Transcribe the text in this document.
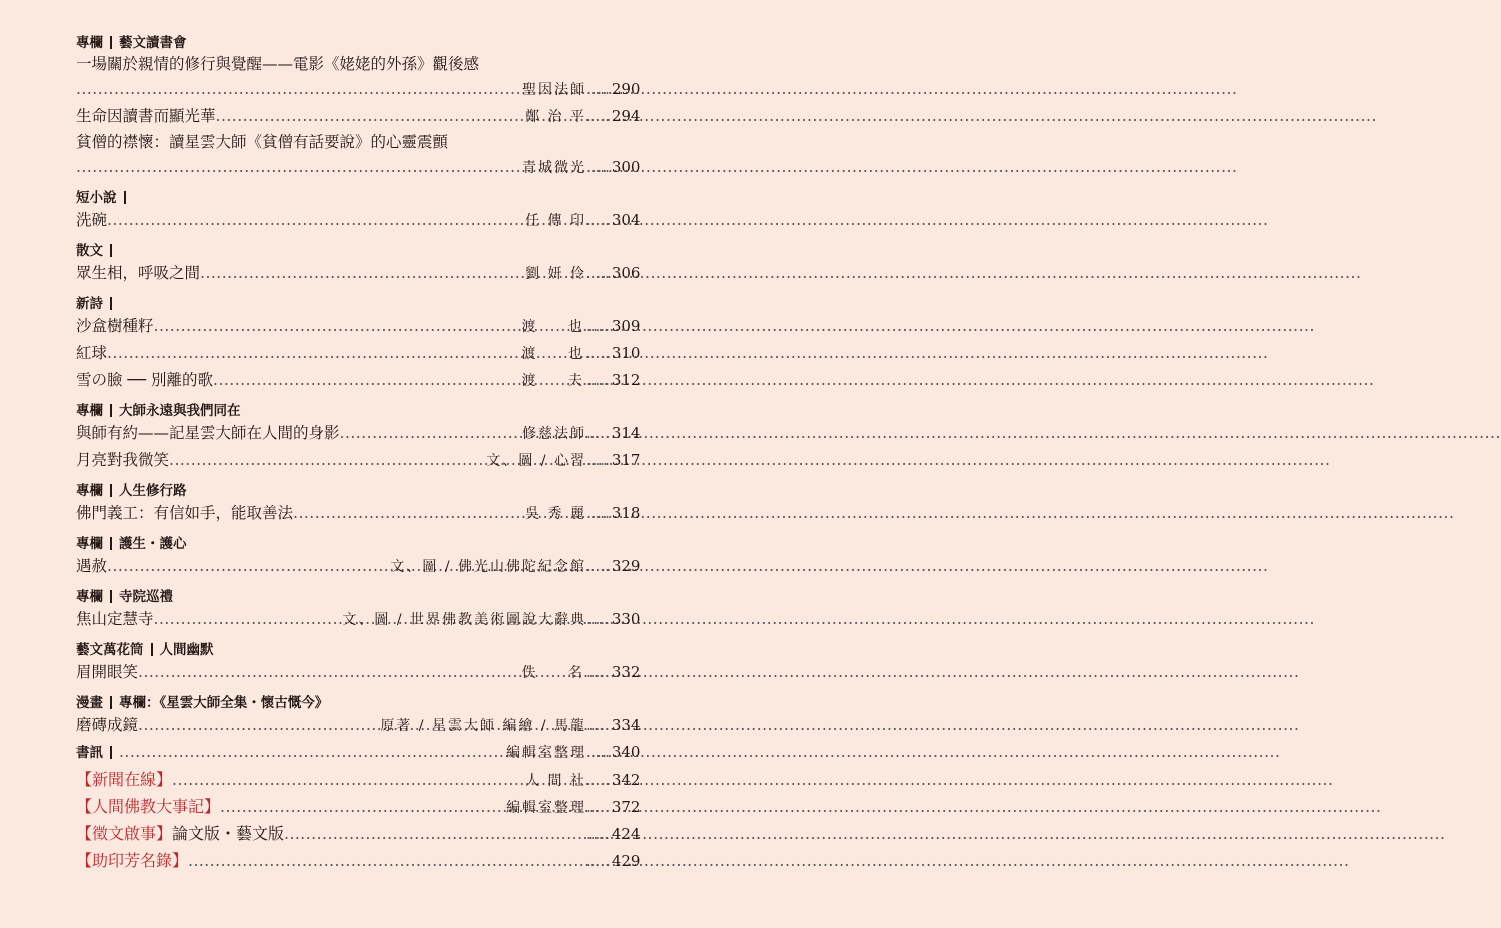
專欄 藝文讀書會
一場關於親情的修行與覺醒——電影《姥姥的外孫》觀後感
.....
聖因法師	..... 290
生命因讀書而顯光華 .....	鄭 治 平	..... 294
貧僧的襟懷：讀星雲大師《貧僧有話要說》的心靈震顫
.....
青城微光	..... 300
短小說
洗碗 .....	任 傳 印	..... 304
散文
眾生相，呼吸之間 .....	劉 妍 伶	..... 306
新詩
沙盒樹種籽 .....	渡 也	..... 309
紅球 .....	渡 也	..... 310
雪の臉 ── 別離的歌 .....	渡 夫	..... 312
專欄 大師永遠與我們同在
與師有約——記星雲大師在人間的身影 .....	修慈法師	..... 314
月亮對我微笑 .....	文、圖 / 心習	..... 317
專欄 人生修行路
佛門義工：有信如手，能取善法 .....	吳 秀 麗	..... 318
專欄 護生・護心
遇赦 .....	文、圖 / 佛光山佛陀紀念館	..... 329
專欄 寺院巡禮
焦山定慧寺 .....	文、圖 / 世界佛教美術圖說大辭典	..... 330
藝文萬花筒 人間幽默
眉開眼笑 .....	佚 名	..... 332
漫畫 專欄：《星雲大師全集・懷古慨今》
磨磚成鏡 .....	原著 / 星雲大師 編繪 / 馬龍	..... 334
書訊 .....	編輯室整理	..... 340
【新聞在線】 .....	人 間 社	..... 342
【人間佛教大事記】 .....	編輯室整理	..... 372
【徵文啟事】論文版・藝文版 .....	..... 424
【助印芳名錄】 .....	..... 429
